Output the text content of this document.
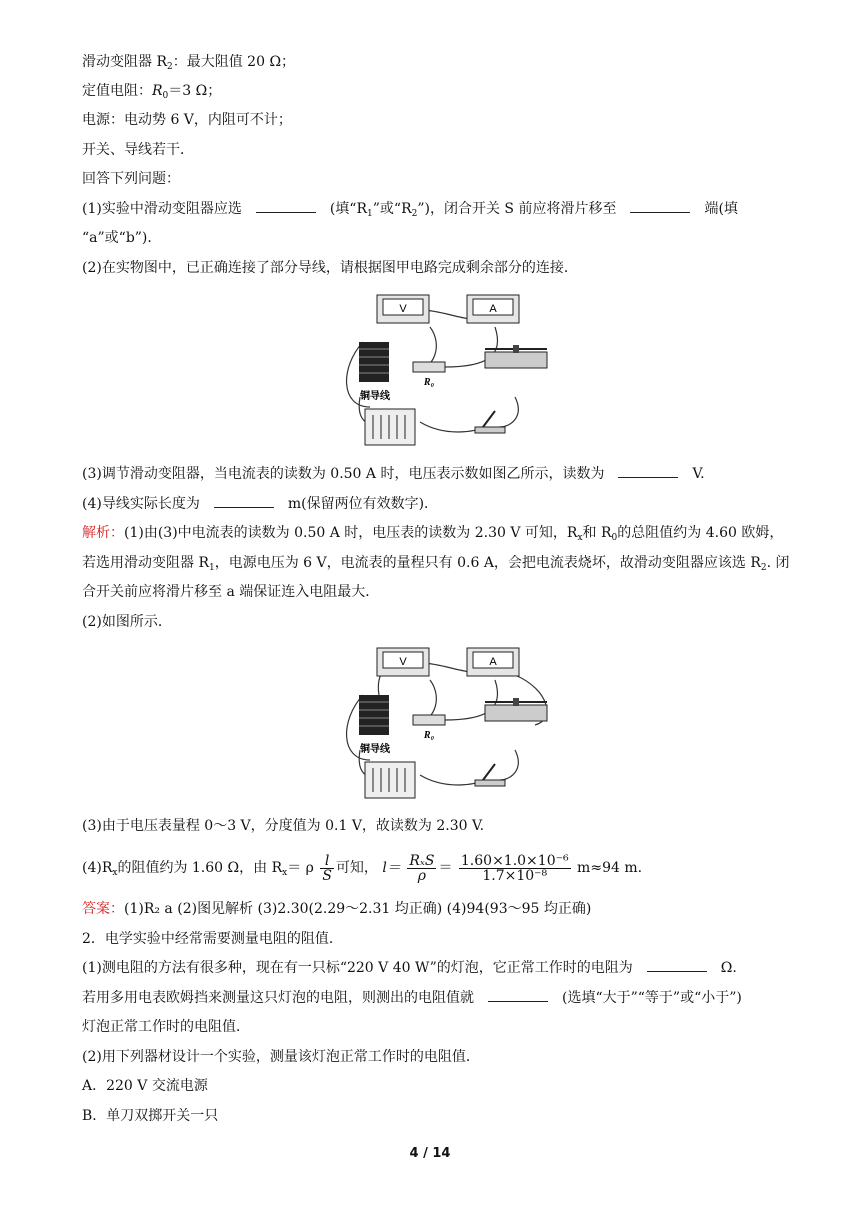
滑动变阻器 $R_2$：最大阻值 20 Ω；
定值电阻：$R_0=3$ Ω；
电源：电动势 6 V，内阻可不计；
开关、导线若干．
回答下列问题：
(1)实验中滑动变阻器应选	(填“$R_1$”或“$R_2$”)，闭合开关 S 前应将滑片移至	端(填
“a”或“b”)．
(2)在实物图中，已正确连接了部分导线，请根据图甲电路完成剩余部分的连接．
V	A
铜导线
R₀
(3)调节滑动变阻器，当电流表的读数为 0.50 A 时，电压表示数如图乙所示，读数为	V.
(4)导线实际长度为	m(保留两位有效数字)．
解析：(1)由(3)中电流表的读数为 0.50 A 时，电压表的读数为 2.30 V 可知，$R_x$和 $R_0$的总阻值约为 4.60 欧姆，
若选用滑动变阻器 $R_1$，电源电压为 6 V，电流表的量程只有 0.6 A，会把电流表烧坏，故滑动变阻器应该选 $R_2$. 闭
合开关前应将滑片移至 a 端保证连入电阻最大．
(2)如图所示．
V	A
铜导线
R₀
(3)由于电压表量程 0～3 V，分度值为 0.1 V，故读数为 2.30 V.
$(4)R_x$的阻值约为 1.60 Ω，由 $R_x= \rho \frac{l}{S}$ 可知， $l= \frac{\text{RₓS}}{\rho} = \frac{\text{1.60×1.0×10⁻⁶}}{\text{1.7×10⁻⁸}} m\approx 94$ m.
答案：(1)R₂ a (2)图见解析 (3)2.30(2.29～2.31 均正确) (4)94(93～95 均正确)
2．电学实验中经常需要测量电阻的阻值．
(1)测电阻的方法有很多种，现在有一只标“220 V 40 W”的灯泡，它正常工作时的电阻为	Ω.
若用多用电表欧姆挡来测量这只灯泡的电阻，则测出的电阻值就	(选填“大于”“等于”或“小于”)
灯泡正常工作时的电阻值．
(2)用下列器材设计一个实验，测量该灯泡正常工作时的电阻值．
A．220 V 交流电源
B．单刀双掷开关一只
4 / 14
